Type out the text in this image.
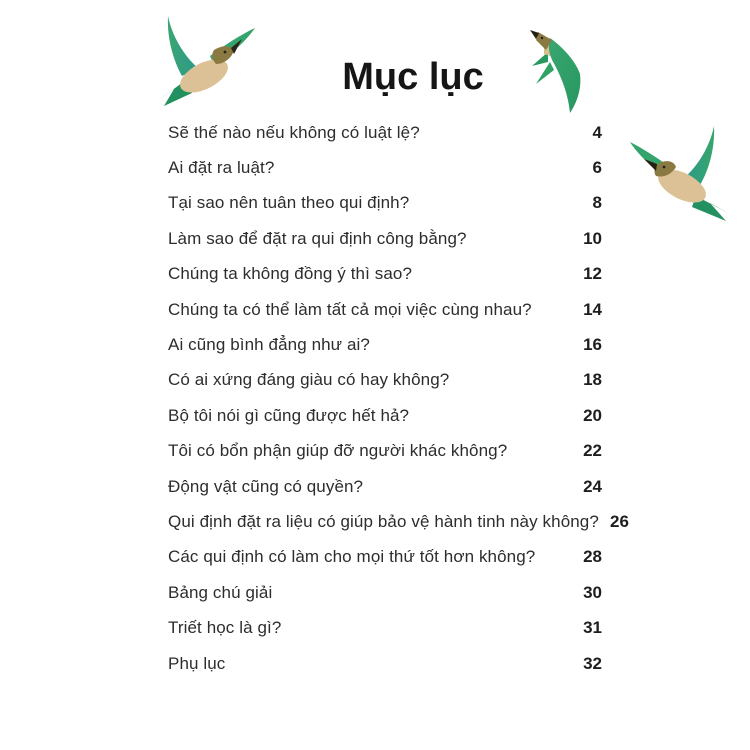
Mục lục
Sẽ thế nào nếu không có luật lệ?	4
Ai đặt ra luật?	6
Tại sao nên tuân theo qui định?	8
Làm sao để đặt ra qui định công bằng?	10
Chúng ta không đồng ý thì sao?	12
Chúng ta có thể làm tất cả mọi việc cùng nhau?	14
Ai cũng bình đẳng như ai?	16
Có ai xứng đáng giàu có hay không?	18
Bộ tôi nói gì cũng được hết hả?	20
Tôi có bổn phận giúp đỡ người khác không?	22
Động vật cũng có quyền?	24
Qui định đặt ra liệu có giúp bảo vệ hành tinh này không? 26
Các qui định có làm cho mọi thứ tốt hơn không?	28
Bảng chú giải	30
Triết học là gì?	31
Phụ lục	32
